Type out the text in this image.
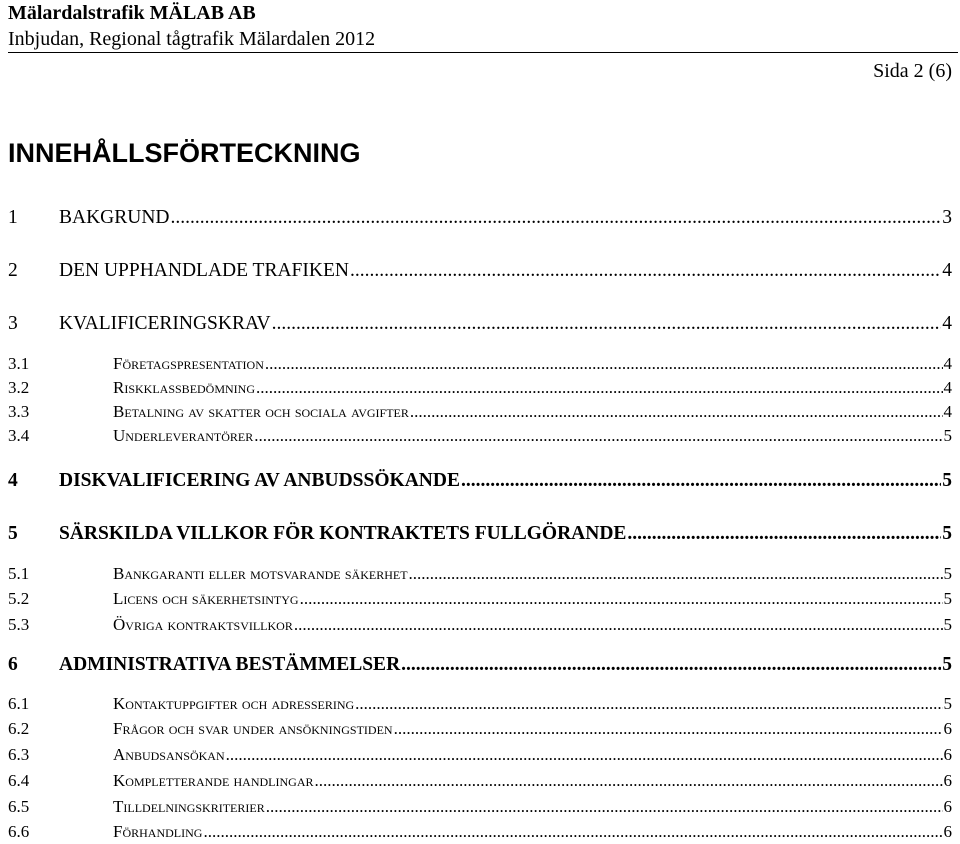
Mälardalstrafik MÄLAB AB
Inbjudan, Regional tågtrafik Mälardalen 2012
Sida 2 (6)
INNEHÅLLSFÖRTECKNING
1	BAKGRUND .....	3
2	DEN UPPHANDLADE TRAFIKEN .....	4
3	KVALIFICERINGSKRAV .....	4
3.1	Företagspresentation .....	4
3.2	Riskklassbedömning .....	4
3.3	Betalning av skatter och sociala avgifter .....	4
3.4	Underleverantörer .....	5
4	DISKVALIFICERING AV ANBUDSSÖKANDE .....	5
5	SÄRSKILDA VILLKOR FÖR KONTRAKTETS FULLGÖRANDE .....	5
5.1	Bankgaranti eller motsvarande säkerhet .....	5
5.2	Licens och säkerhetsintyg .....	5
5.3	Övriga kontraktsvillkor .....	5
6	ADMINISTRATIVA BESTÄMMELSER .....	5
6.1	Kontaktuppgifter och adressering .....	5
6.2	Frågor och svar under ansökningstiden .....	6
6.3	Anbudsansökan .....	6
6.4	Kompletterande handlingar .....	6
6.5	Tilldelningskriterier .....	6
6.6	Förhandling .....	6
